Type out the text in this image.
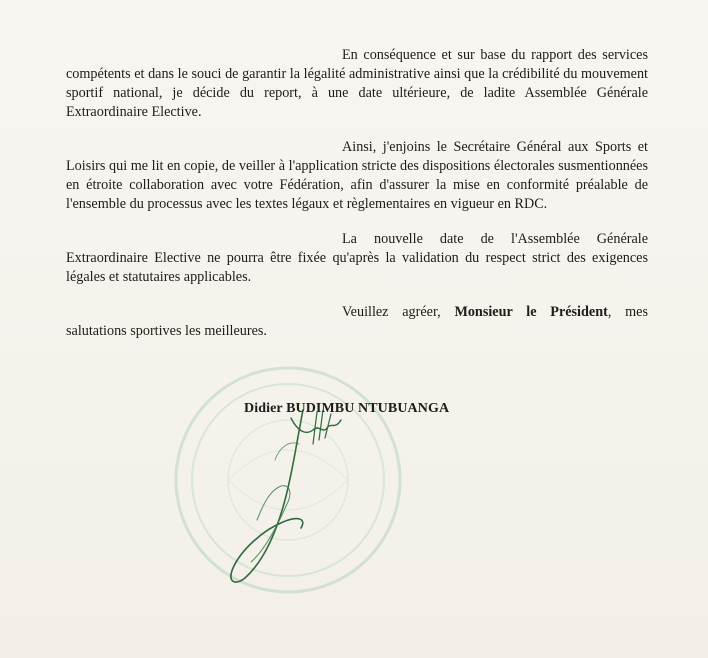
En conséquence et sur base du rapport des services compétents et dans le souci de garantir la légalité administrative ainsi que la crédibilité du mouvement sportif national, je décide du report, à une date ultérieure, de ladite Assemblée Générale Extraordinaire Elective.

Ainsi, j'enjoins le Secrétaire Général aux Sports et Loisirs qui me lit en copie, de veiller à l'application stricte des dispositions électorales susmentionnées en étroite collaboration avec votre Fédération, afin d'assurer la mise en conformité préalable de l'ensemble du processus avec les textes légaux et règlementaires en vigueur en RDC.

La nouvelle date de l'Assemblée Générale Extraordinaire Elective ne pourra être fixée qu'après la validation du respect strict des exigences légales et statutaires applicables.

Veuillez agréer, Monsieur le Président, mes salutations sportives les meilleures.

Didier BUDIMBU NTUBUANGA
